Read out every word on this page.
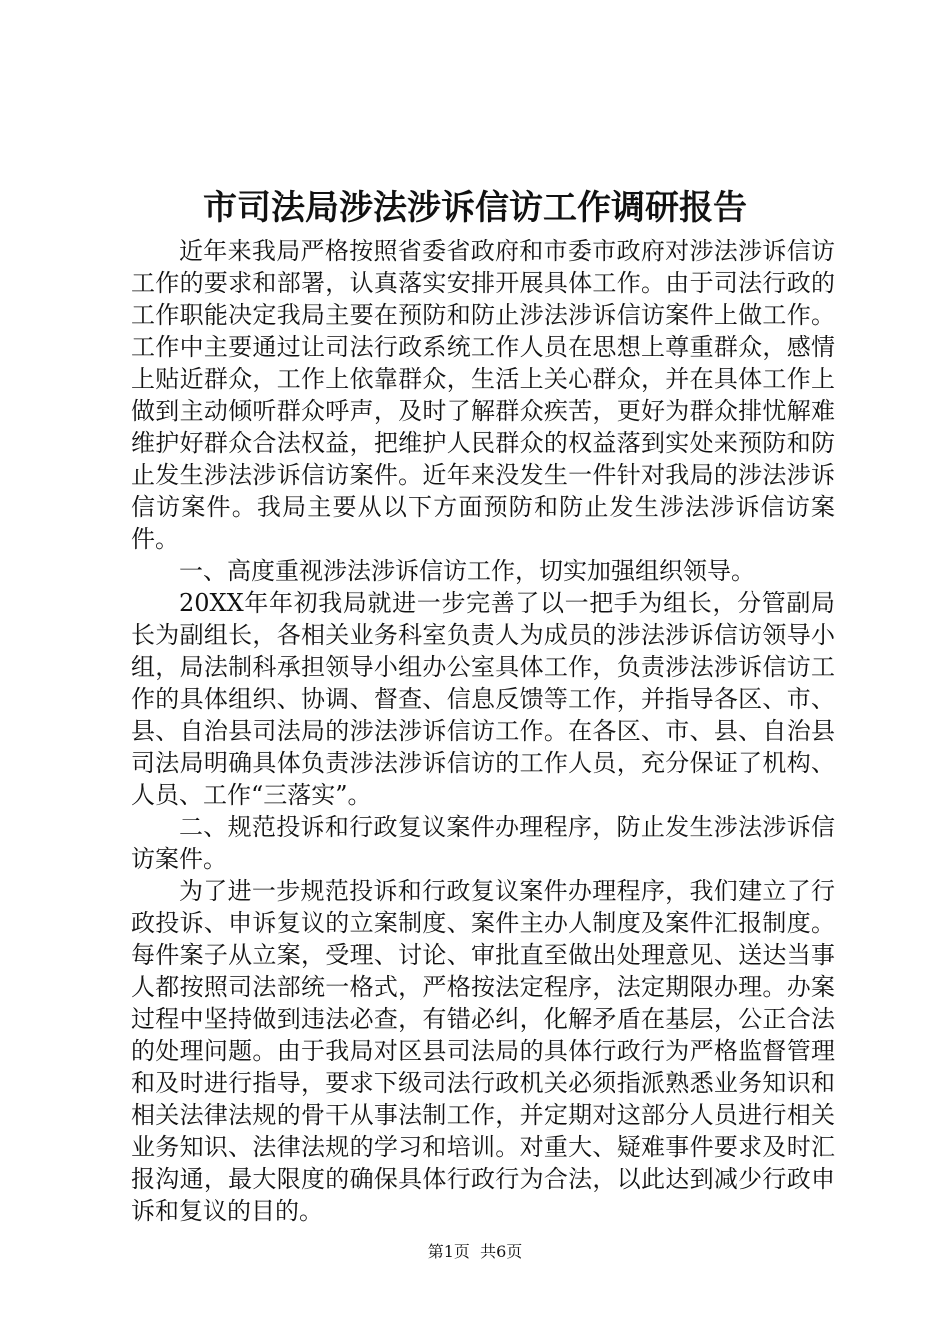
市司法局涉法涉诉信访工作调研报告

近年来我局严格按照省委省政府和市委市政府对涉法涉诉信访工作的要求和部署，认真落实安排开展具体工作。由于司法行政的工作职能决定我局主要在预防和防止涉法涉诉信访案件上做工作。工作中主要通过让司法行政系统工作人员在思想上尊重群众，感情上贴近群众，工作上依靠群众，生活上关心群众，并在具体工作上做到主动倾听群众呼声，及时了解群众疾苦，更好为群众排忧解难维护好群众合法权益，把维护人民群众的权益落到实处来预防和防止发生涉法涉诉信访案件。近年来没发生一件针对我局的涉法涉诉信访案件。我局主要从以下方面预防和防止发生涉法涉诉信访案件。

一、高度重视涉法涉诉信访工作，切实加强组织领导。

20XX年年初我局就进一步完善了以一把手为组长，分管副局长为副组长，各相关业务科室负责人为成员的涉法涉诉信访领导小组，局法制科承担领导小组办公室具体工作，负责涉法涉诉信访工作的具体组织、协调、督查、信息反馈等工作，并指导各区、市、县、自治县司法局的涉法涉诉信访工作。在各区、市、县、自治县司法局明确具体负责涉法涉诉信访的工作人员，充分保证了机构、人员、工作“三落实”。

二、规范投诉和行政复议案件办理程序，防止发生涉法涉诉信访案件。

为了进一步规范投诉和行政复议案件办理程序，我们建立了行政投诉、申诉复议的立案制度、案件主办人制度及案件汇报制度。每件案子从立案，受理、讨论、审批直至做出处理意见、送达当事人都按照司法部统一格式，严格按法定程序，法定期限办理。办案过程中坚持做到违法必查，有错必纠，化解矛盾在基层，公正合法的处理问题。由于我局对区县司法局的具体行政行为严格监督管理和及时进行指导，要求下级司法行政机关必须指派熟悉业务知识和相关法律法规的骨干从事法制工作，并定期对这部分人员进行相关业务知识、法律法规的学习和培训。对重大、疑难事件要求及时汇报沟通，最大限度的确保具体行政行为合法，以此达到减少行政申诉和复议的目的。

第1页 共6页
